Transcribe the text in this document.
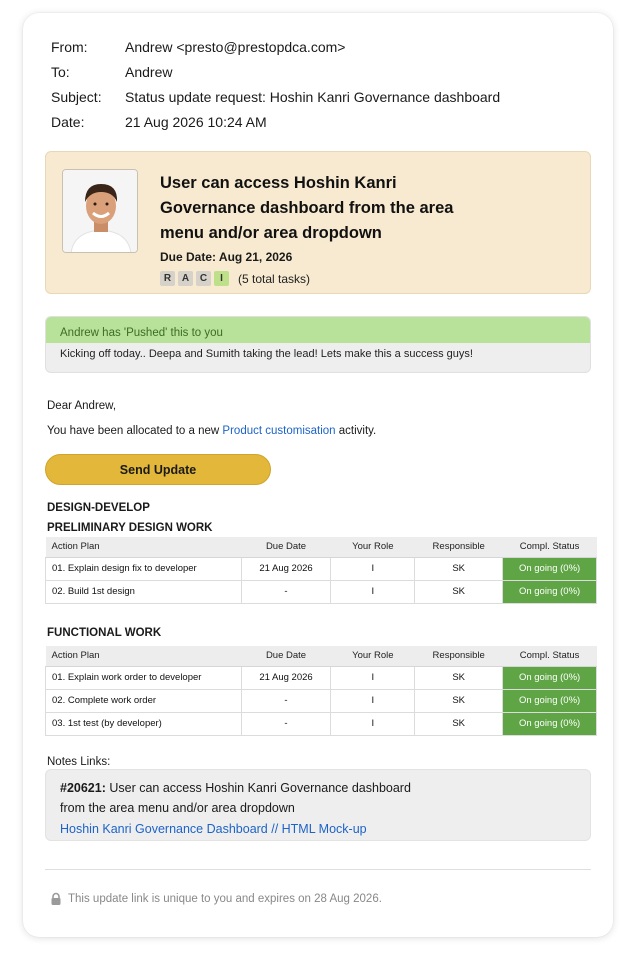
From:	Andrew <presto@prestopdca.com>
To:	Andrew
Subject:	Status update request: Hoshin Kanri Governance dashboard
Date:	21 Aug 2026 10:24 AM
User can access Hoshin Kanri Governance dashboard from the area menu and/or area dropdown
Due Date: Aug 21, 2026
R	A	C	I	(5 total tasks)
Andrew has 'Pushed' this to you
Kicking off today.. Deepa and Sumith taking the lead! Lets make this a success guys!
Dear Andrew,
You have been allocated to a new Product customisation activity.
Send Update
DESIGN-DEVELOP
PRELIMINARY DESIGN WORK
Action Plan	Due Date	Your Role	Responsible	Compl. Status
01. Explain design fix to developer	21 Aug 2026	I	SK	On going (0%)
02. Build 1st design	-	I	SK	On going (0%)
FUNCTIONAL WORK
Action Plan	Due Date	Your Role	Responsible	Compl. Status
01. Explain work order to developer	21 Aug 2026	I	SK	On going (0%)
02. Complete work order	-	I	SK	On going (0%)
03. 1st test (by developer)	-	I	SK	On going (0%)
Notes Links:
#20621: User can access Hoshin Kanri Governance dashboard
from the area menu and/or area dropdown
Hoshin Kanri Governance Dashboard // HTML Mock-up
This update link is unique to you and expires on 28 Aug 2026.
